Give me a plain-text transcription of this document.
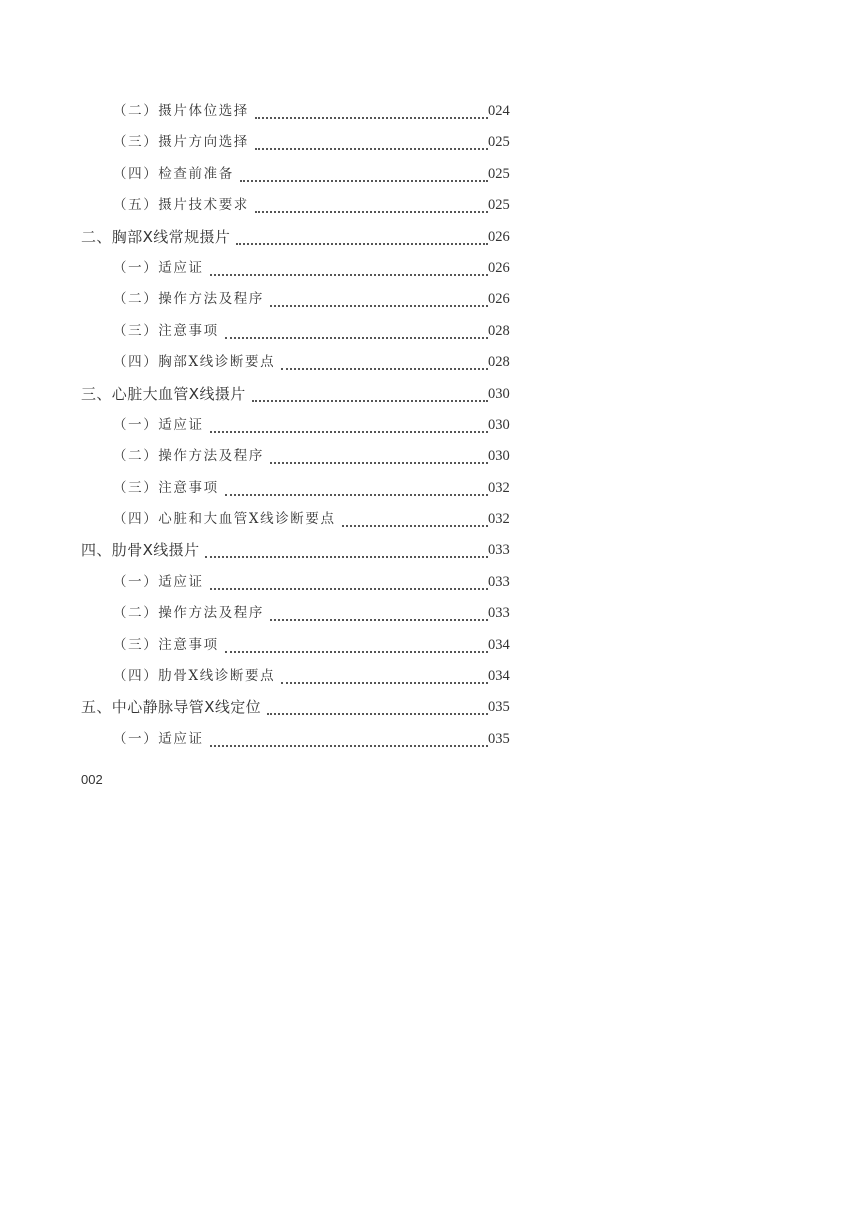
（二）摄片体位选择	024
（三）摄片方向选择	025
（四）检查前准备	025
（五）摄片技术要求	025
二、胸部X线常规摄片	026
（一）适应证	026
（二）操作方法及程序	026
（三）注意事项	028
（四）胸部X线诊断要点	028
三、心脏大血管X线摄片	030
（一）适应证	030
（二）操作方法及程序	030
（三）注意事项	032
（四）心脏和大血管X线诊断要点	032
四、肋骨X线摄片	033
（一）适应证	033
（二）操作方法及程序	033
（三）注意事项	034
（四）肋骨X线诊断要点	034
五、中心静脉导管X线定位	035
（一）适应证	035
002
